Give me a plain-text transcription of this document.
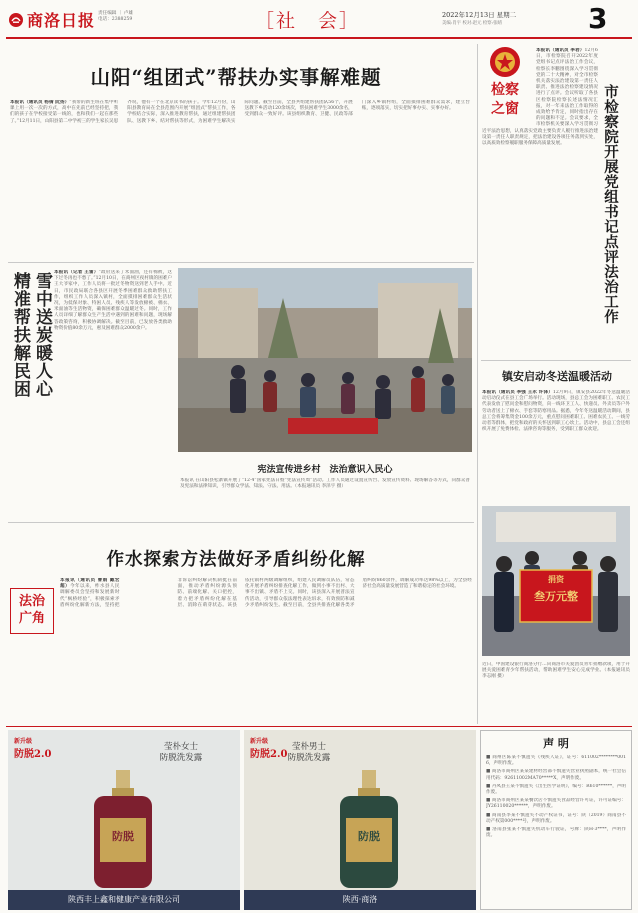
商洛日报 责任编辑 ｜ 卢雄
电话：2388259	［社　会］	2022年12月13日 星期二
美编:肖宇 校对:赵元 检察:张晴	3
山阳“组团式”帮扶办实事解难题
本报讯（通讯员 杨倩 阮扬）“我带的新生班在集中听课上用一次一次的方式，高中在先前已经坚持把，我们的孩子在学校接受第一线的，也和我们一起在那些了。”12月11日，山阳县第二中学初三的学生家长吴思齐说，他有一个在北京读书的孩子。今年12月份，山阳县教育局在全县范围内开展“组团式”帮扶工作，各学校结合实际，深入推进教育帮扶，通过组建帮扶团队、送教下乡、结对帮扶等形式，为困难学生解决实际问题。截至目前，全县共组建帮扶团队56个，开展送教下乡活动120余场次，帮扶困难学生3000余名，受到群众一致好评。该县组织教育、卫健、民政等部门深入乡镇村组，全面摸排困难群众需求，建立台账，逐项落实，切实把好事办实、实事办好。
精准帮扶解民困 雪中送炭暖人心 本报讯（记者 王雷）“政府送来了米面油，还有棉被，这下过冬再也不愁了。”12月10日，在商州区夜村镇的困难户王大爷家中，工作人员将一批过冬物资送到老人手中。近日，市民政局联合各县区开展冬季困难群众救助帮扶工作，组织工作人员深入镇村，全面摸排困难群众生活状况，为低保对象、特困人员、残疾人等发放棉被、棉衣、米面油等生活物资，确保困难群众温暖过冬。同时，工作人员详细了解群众生产生活中遇到的困难和问题，现场解答政策咨询，积极协调解决。截至目前，已发放各类救助物资价值80余万元，惠及困难群众2000余户。
宪法宣传进乡村　法治意识入民心
本报讯 在山阳县松寨镇开展了“12·4”国家宪法日暨“宪法宣传周”活动。工作人员通过设置宣传台、发放宣传资料、现场解答等方式，向群众普及宪法和法律知识，引导群众学法、知法、守法、用法。（本报通讯员 李泽宇 摄）
作水探索方法做好矛盾纠纷化解
法治
广角
本报讯（通讯员 曹娟 戴宏超）今年以来，柞水县人民调解委员会坚持和发展新时代“枫桥经验”，积极探索矛盾纠纷化解新方法，坚持把非诉讼纠纷解决机制挺在前面，推动矛盾纠纷源头预防、前端化解、关口把控，着力把矛盾纠纷化解在基层、消除在萌芽状态。该县依托镇村两级调解组织，组建人民调解员队伍，常态化开展矛盾纠纷排查化解工作，做到小事不出村、大事不出镇、矛盾不上交。同时，该县深入开展普法宣传活动，引导群众依法理性表达诉求，有效预防和减少矛盾纠纷发生。截至目前，全县共排查化解各类矛盾纠纷860余件，调解成功率达98%以上，为全县经济社会高质量发展营造了和谐稳定的社会环境。
检察
之窗	市检察院开展党组书记点评法治工作
本报讯（通讯员 李岩）12月6日，市检察院召开2022年度党组书记点评法治工作会议，检察长李鹏围绕深入学习贯彻党的二十大精神，对全市检察机关落实法治建设第一责任人职责、推进法治检察建设情况进行了点评。会议听取了各县区检察院检察长述法情况汇报，对一年来法治工作取得的成效给予肯定，同时指出存在的问题和不足。会议要求，全市检察机关要深入学习贯彻习近平法治思想，认真落实党政主要负责人履行推进法治建设第一责任人职责规定，把法治建设各项任务落到实处，以高质效检察履职服务保障高质量发展。
镇安启动冬送温暖活动
本报讯（通讯员 李强 王永 许泽）12月9日，镇安县2022年冬送温暖活动启动仪式在县工会广场举行。活动现场，县总工会为困难职工、农民工代表发放了慰问金和慰问物资，向一线环卫工人、快递员、外卖员等户外劳动者送上了棉衣、手套等防寒用品。据悉，今年冬送温暖活动期间，县总工会将筹集资金100余万元，重点慰问困难职工、困难农民工、一线劳动者等群体，把党和政府的关怀送到职工心坎上。活动中，县总工会还组织开展了免费体检、法律咨询等服务，受到职工群众欢迎。
捐资
叁万元整
近日，中国建设银行商洛分行…向商洛市关爱团员青年捐赠款项，用于开展关爱困难青少年帮扶活动，帮助困难学生安心完成学业。（本报通讯员 李志刚 摄）
新升级
防脱2.0
莹朴女士
防脱洗发露
防脱
陕西丰上鑫和健康产业有限公司
新升级
防脱2.0
莹朴男士
防脱洗发露
防脱
陕西·商洛
声 明
■ 商州区陈某不慎遗失《残疾人证》，证号：611002********0016，声明作废。
■ 商洛市商州区某某建材经营部不慎遗失营业执照副本，统一社会信用代码：92611002MA70*****X，声明作废。
■ 丹凤县王某不慎遗失《出生医学证明》，编号：R610******，声明作废。
■ 商洛市商州区某某餐饮店不慎遗失食品经营许可证，许可证编号：JY26110020******，声明作废。
■ 商南县李某不慎遗失不动产权证书，证号：陕（2019）商南县不动产权第000****号，声明作废。
■ 洛南县张某不慎遗失机动车行驶证，号牌：陕H·3****，声明作废。
